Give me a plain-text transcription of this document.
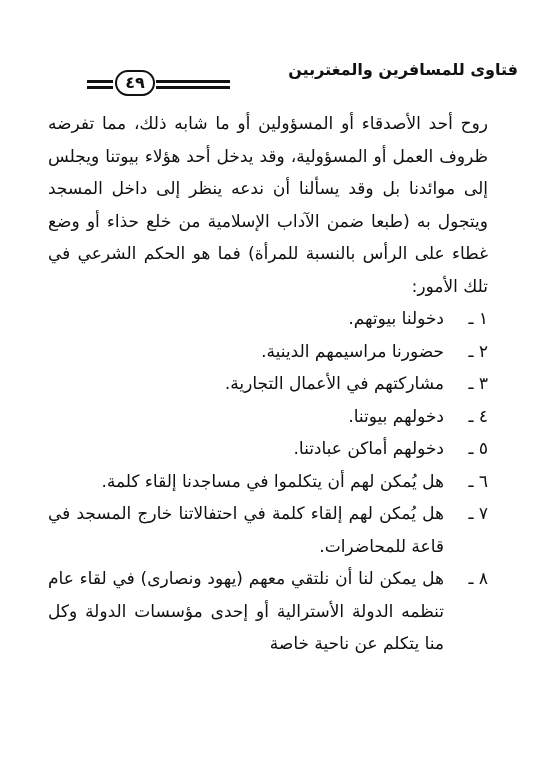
فتاوى للمسافرين والمغتربين
٤٩

روح أحد الأصدقاء أو المسؤولين أو ما شابه ذلك، مما تفرضه ظروف العمل أو المسؤولية، وقد يدخل أحد هؤلاء بيوتنا ويجلس إلى موائدنا بل وقد يسألنا أن ندعه ينظر إلى داخل المسجد ويتجول به (طبعا ضمن الآداب الإسلامية من خلع حذاء أو وضع غطاء على الرأس بالنسبة للمرأة) فما هو الحكم الشرعي في تلك الأمور:

١ ـ
دخولنا بيوتهم.
٢ ـ
حضورنا مراسيمهم الدينية.
٣ ـ
مشاركتهم في الأعمال التجارية.
٤ ـ
دخولهم بيوتنا.
٥ ـ
دخولهم أماكن عبادتنا.
٦ ـ
هل يُمكن لهم أن يتكلموا في مساجدنا إلقاء كلمة.
٧ ـ
هل يُمكن لهم إلقاء كلمة في احتفالاتنا خارج المسجد في قاعة للمحاضرات.
٨ ـ
هل يمكن لنا أن نلتقي معهم (يهود ونصارى) في لقاء عام تنظمه الدولة الأسترالية أو إحدى مؤسسات الدولة وكل منا يتكلم عن ناحية خاصة
